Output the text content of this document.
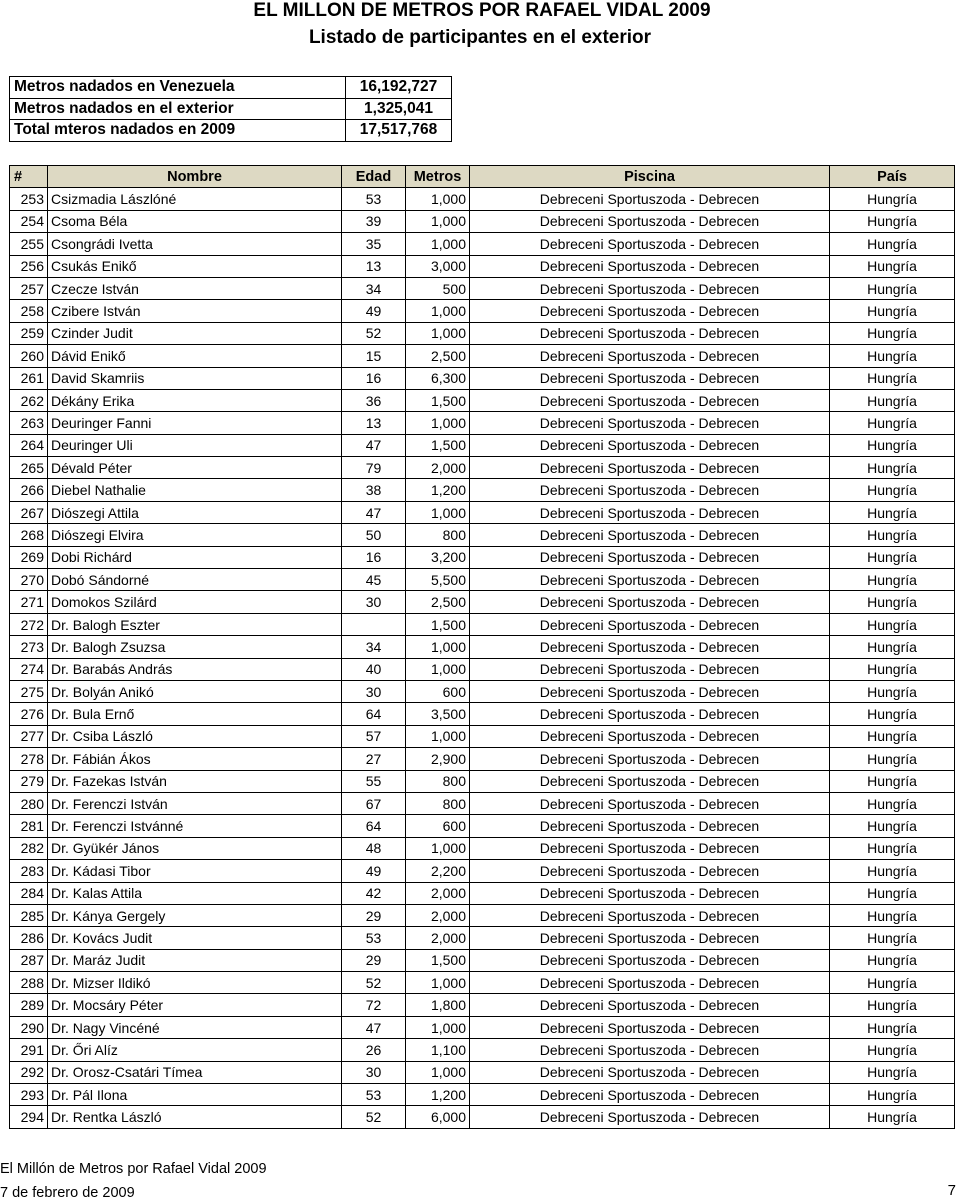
EL MILLON DE METROS POR RAFAEL VIDAL 2009
Listado de participantes en el exterior
Metros nadados en Venezuela	16,192,727
Metros nadados en el exterior	1,325,041
Total mteros nadados en 2009	17,517,768
#	Nombre	Edad	Metros	Piscina	País
253	Csizmadia Lászlóné	53	1,000	Debreceni Sportuszoda - Debrecen	Hungría
254	Csoma Béla	39	1,000	Debreceni Sportuszoda - Debrecen	Hungría
255	Csongrádi Ivetta	35	1,000	Debreceni Sportuszoda - Debrecen	Hungría
256	Csukás Enikő	13	3,000	Debreceni Sportuszoda - Debrecen	Hungría
257	Czecze István	34	500	Debreceni Sportuszoda - Debrecen	Hungría
258	Czibere István	49	1,000	Debreceni Sportuszoda - Debrecen	Hungría
259	Czinder Judit	52	1,000	Debreceni Sportuszoda - Debrecen	Hungría
260	Dávid Enikő	15	2,500	Debreceni Sportuszoda - Debrecen	Hungría
261	David Skamriis	16	6,300	Debreceni Sportuszoda - Debrecen	Hungría
262	Dékány Erika	36	1,500	Debreceni Sportuszoda - Debrecen	Hungría
263	Deuringer Fanni	13	1,000	Debreceni Sportuszoda - Debrecen	Hungría
264	Deuringer Uli	47	1,500	Debreceni Sportuszoda - Debrecen	Hungría
265	Dévald Péter	79	2,000	Debreceni Sportuszoda - Debrecen	Hungría
266	Diebel Nathalie	38	1,200	Debreceni Sportuszoda - Debrecen	Hungría
267	Diószegi Attila	47	1,000	Debreceni Sportuszoda - Debrecen	Hungría
268	Diószegi Elvira	50	800	Debreceni Sportuszoda - Debrecen	Hungría
269	Dobi Richárd	16	3,200	Debreceni Sportuszoda - Debrecen	Hungría
270	Dobó Sándorné	45	5,500	Debreceni Sportuszoda - Debrecen	Hungría
271	Domokos Szilárd	30	2,500	Debreceni Sportuszoda - Debrecen	Hungría
272	Dr. Balogh Eszter		1,500	Debreceni Sportuszoda - Debrecen	Hungría
273	Dr. Balogh Zsuzsa	34	1,000	Debreceni Sportuszoda - Debrecen	Hungría
274	Dr. Barabás András	40	1,000	Debreceni Sportuszoda - Debrecen	Hungría
275	Dr. Bolyán Anikó	30	600	Debreceni Sportuszoda - Debrecen	Hungría
276	Dr. Bula Ernő	64	3,500	Debreceni Sportuszoda - Debrecen	Hungría
277	Dr. Csiba László	57	1,000	Debreceni Sportuszoda - Debrecen	Hungría
278	Dr. Fábián Ákos	27	2,900	Debreceni Sportuszoda - Debrecen	Hungría
279	Dr. Fazekas István	55	800	Debreceni Sportuszoda - Debrecen	Hungría
280	Dr. Ferenczi István	67	800	Debreceni Sportuszoda - Debrecen	Hungría
281	Dr. Ferenczi Istvánné	64	600	Debreceni Sportuszoda - Debrecen	Hungría
282	Dr. Gyükér János	48	1,000	Debreceni Sportuszoda - Debrecen	Hungría
283	Dr. Kádasi Tibor	49	2,200	Debreceni Sportuszoda - Debrecen	Hungría
284	Dr. Kalas Attila	42	2,000	Debreceni Sportuszoda - Debrecen	Hungría
285	Dr. Kánya Gergely	29	2,000	Debreceni Sportuszoda - Debrecen	Hungría
286	Dr. Kovács Judit	53	2,000	Debreceni Sportuszoda - Debrecen	Hungría
287	Dr. Maráz Judit	29	1,500	Debreceni Sportuszoda - Debrecen	Hungría
288	Dr. Mizser Ildikó	52	1,000	Debreceni Sportuszoda - Debrecen	Hungría
289	Dr. Mocsáry Péter	72	1,800	Debreceni Sportuszoda - Debrecen	Hungría
290	Dr. Nagy Vincéné	47	1,000	Debreceni Sportuszoda - Debrecen	Hungría
291	Dr. Őri Alíz	26	1,100	Debreceni Sportuszoda - Debrecen	Hungría
292	Dr. Orosz-Csatári Tímea	30	1,000	Debreceni Sportuszoda - Debrecen	Hungría
293	Dr. Pál Ilona	53	1,200	Debreceni Sportuszoda - Debrecen	Hungría
294	Dr. Rentka László	52	6,000	Debreceni Sportuszoda - Debrecen	Hungría
El Millón de Metros por Rafael Vidal 2009
7 de febrero de 2009	7
